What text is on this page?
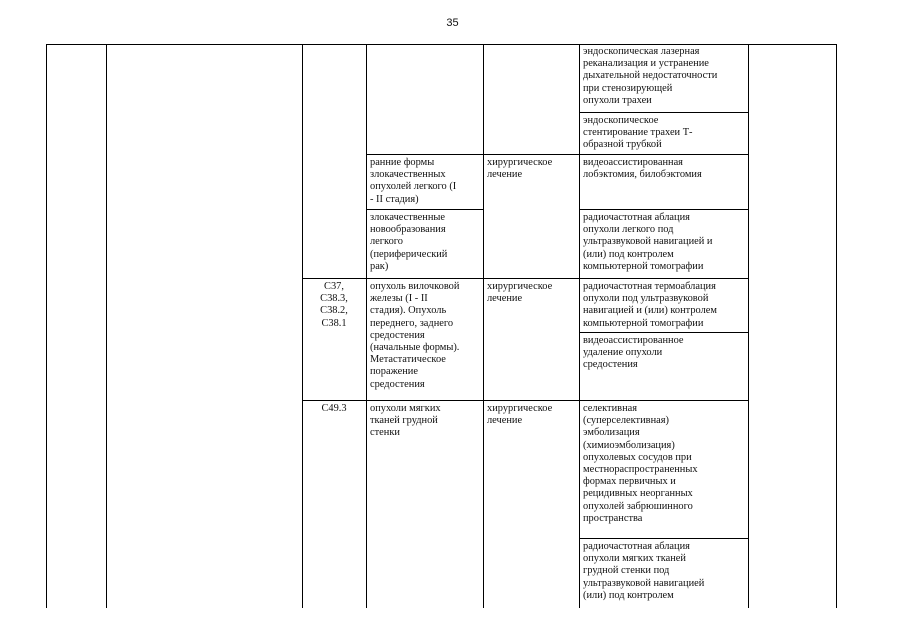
35
эндоскопическая лазерная
реканализация и устранение
дыхательной недостаточности
при стенозирующей
опухоли трахеи
эндоскопическое
стентирование трахеи Т-
образной трубкой
ранние формы
злокачественных
опухолей легкого (I
- II стадия)
хирургическое
лечение
видеоассистированная
лобэктомия, билобэктомия
злокачественные
новообразования
легкого
(периферический
рак)
радиочастотная аблация
опухоли легкого под
ультразвуковой навигацией и
(или) под контролем
компьютерной томографии
C37,
C38.3,
C38.2,
C38.1
опухоль вилочковой
железы (I - II
стадия). Опухоль
переднего, заднего
средостения
(начальные формы).
Метастатическое
поражение
средостения
хирургическое
лечение
радиочастотная термоаблация
опухоли под ультразвуковой
навигацией и (или) контролем
компьютерной томографии
видеоассистированное
удаление опухоли
средостения
C49.3	опухоли мягких
тканей грудной
стенки
хирургическое
лечение
селективная
(суперселективная)
эмболизация
(химиоэмболизация)
опухолевых сосудов при
местнораспространенных
формах первичных и
рецидивных неорганных
опухолей забрюшинного
пространства
радиочастотная аблация
опухоли мягких тканей
грудной стенки под
ультразвуковой навигацией
(или) под контролем
